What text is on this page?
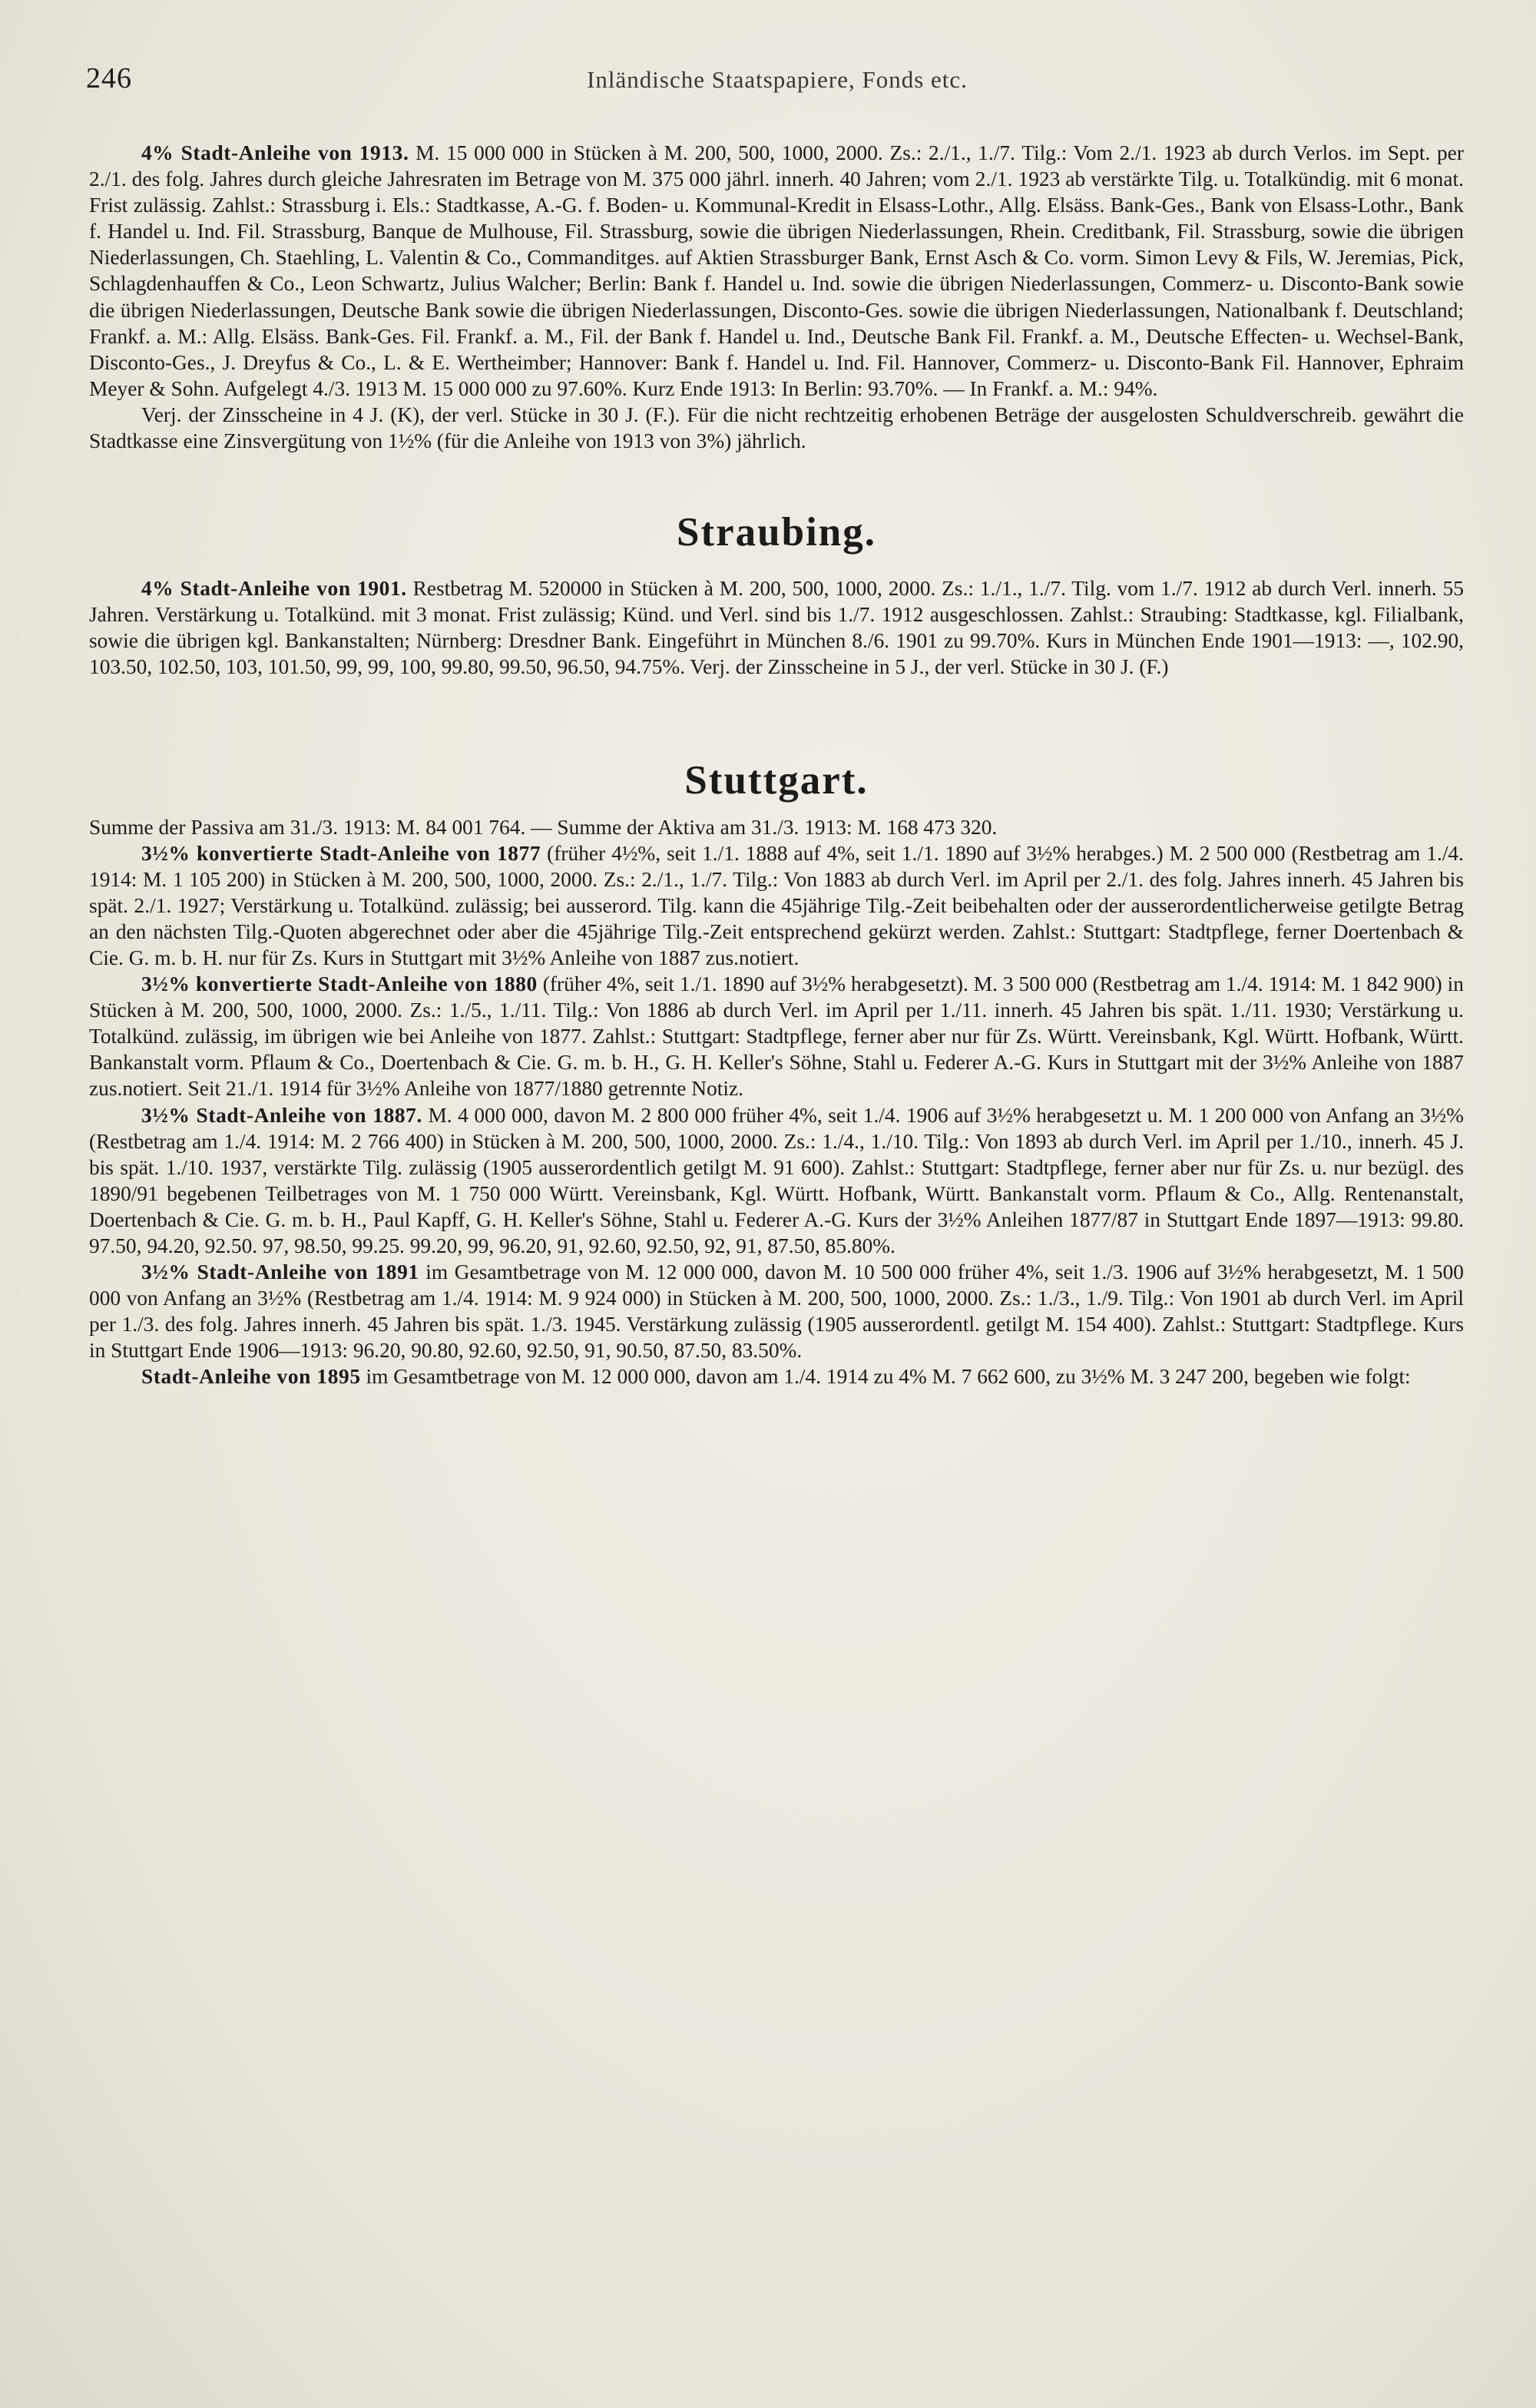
246	Inländische Staatspapiere, Fonds etc.

4% Stadt-Anleihe von 1913. M. 15 000 000 in Stücken à M. 200, 500, 1000, 2000. Zs.: 2./1., 1./7. Tilg.: Vom 2./1. 1923 ab durch Verlos. im Sept. per 2./1. des folg. Jahres durch gleiche Jahresraten im Betrage von M. 375 000 jährl. innerh. 40 Jahren; vom 2./1. 1923 ab verstärkte Tilg. u. Totalkündig. mit 6 monat. Frist zulässig. Zahlst.: Strassburg i. Els.: Stadtkasse, A.-G. f. Boden- u. Kommunal-Kredit in Elsass-Lothr., Allg. Elsäss. Bank-Ges., Bank von Elsass-Lothr., Bank f. Handel u. Ind. Fil. Strassburg, Banque de Mulhouse, Fil. Strassburg, sowie die übrigen Niederlassungen, Rhein. Creditbank, Fil. Strassburg, sowie die übrigen Niederlassungen, Ch. Staehling, L. Valentin & Co., Commanditges. auf Aktien Strassburger Bank, Ernst Asch & Co. vorm. Simon Levy & Fils, W. Jeremias, Pick, Schlagdenhauffen & Co., Leon Schwartz, Julius Walcher; Berlin: Bank f. Handel u. Ind. sowie die übrigen Niederlassungen, Commerz- u. Disconto-Bank sowie die übrigen Niederlassungen, Deutsche Bank sowie die übrigen Niederlassungen, Disconto-Ges. sowie die übrigen Niederlassungen, Nationalbank f. Deutschland; Frankf. a. M.: Allg. Elsäss. Bank-Ges. Fil. Frankf. a. M., Fil. der Bank f. Handel u. Ind., Deutsche Bank Fil. Frankf. a. M., Deutsche Effecten- u. Wechsel-Bank, Disconto-Ges., J. Dreyfus & Co., L. & E. Wertheimber; Hannover: Bank f. Handel u. Ind. Fil. Hannover, Commerz- u. Disconto-Bank Fil. Hannover, Ephraim Meyer & Sohn. Aufgelegt 4./3. 1913 M. 15 000 000 zu 97.60%. Kurz Ende 1913: In Berlin: 93.70%. — In Frankf. a. M.: 94%.

Verj. der Zinsscheine in 4 J. (K), der verl. Stücke in 30 J. (F.). Für die nicht rechtzeitig erhobenen Beträge der ausgelosten Schuldverschreib. gewährt die Stadtkasse eine Zinsvergütung von 1½% (für die Anleihe von 1913 von 3%) jährlich.

Straubing.

4% Stadt-Anleihe von 1901. Restbetrag M. 520000 in Stücken à M. 200, 500, 1000, 2000. Zs.: 1./1., 1./7. Tilg. vom 1./7. 1912 ab durch Verl. innerh. 55 Jahren. Verstärkung u. Totalkünd. mit 3 monat. Frist zulässig; Künd. und Verl. sind bis 1./7. 1912 ausgeschlossen. Zahlst.: Straubing: Stadtkasse, kgl. Filialbank, sowie die übrigen kgl. Bankanstalten; Nürnberg: Dresdner Bank. Eingeführt in München 8./6. 1901 zu 99.70%. Kurs in München Ende 1901—1913: —, 102.90, 103.50, 102.50, 103, 101.50, 99, 99, 100, 99.80, 99.50, 96.50, 94.75%. Verj. der Zinsscheine in 5 J., der verl. Stücke in 30 J. (F.)

Stuttgart.

Summe der Passiva am 31./3. 1913: M. 84 001 764. — Summe der Aktiva am 31./3. 1913: M. 168 473 320.

3½% konvertierte Stadt-Anleihe von 1877 (früher 4½%, seit 1./1. 1888 auf 4%, seit 1./1. 1890 auf 3½% herabges.) M. 2 500 000 (Restbetrag am 1./4. 1914: M. 1 105 200) in Stücken à M. 200, 500, 1000, 2000. Zs.: 2./1., 1./7. Tilg.: Von 1883 ab durch Verl. im April per 2./1. des folg. Jahres innerh. 45 Jahren bis spät. 2./1. 1927; Verstärkung u. Totalkünd. zulässig; bei ausserord. Tilg. kann die 45jährige Tilg.-Zeit beibehalten oder der ausserordentlicherweise getilgte Betrag an den nächsten Tilg.-Quoten abgerechnet oder aber die 45jährige Tilg.-Zeit entsprechend gekürzt werden. Zahlst.: Stuttgart: Stadtpflege, ferner Doertenbach & Cie. G. m. b. H. nur für Zs. Kurs in Stuttgart mit 3½% Anleihe von 1887 zus.notiert.

3½% konvertierte Stadt-Anleihe von 1880 (früher 4%, seit 1./1. 1890 auf 3½% herabgesetzt). M. 3 500 000 (Restbetrag am 1./4. 1914: M. 1 842 900) in Stücken à M. 200, 500, 1000, 2000. Zs.: 1./5., 1./11. Tilg.: Von 1886 ab durch Verl. im April per 1./11. innerh. 45 Jahren bis spät. 1./11. 1930; Verstärkung u. Totalkünd. zulässig, im übrigen wie bei Anleihe von 1877. Zahlst.: Stuttgart: Stadtpflege, ferner aber nur für Zs. Württ. Vereinsbank, Kgl. Württ. Hofbank, Württ. Bankanstalt vorm. Pflaum & Co., Doertenbach & Cie. G. m. b. H., G. H. Keller's Söhne, Stahl u. Federer A.-G. Kurs in Stuttgart mit der 3½% Anleihe von 1887 zus.notiert. Seit 21./1. 1914 für 3½% Anleihe von 1877/1880 getrennte Notiz.

3½% Stadt-Anleihe von 1887. M. 4 000 000, davon M. 2 800 000 früher 4%, seit 1./4. 1906 auf 3½% herabgesetzt u. M. 1 200 000 von Anfang an 3½% (Restbetrag am 1./4. 1914: M. 2 766 400) in Stücken à M. 200, 500, 1000, 2000. Zs.: 1./4., 1./10. Tilg.: Von 1893 ab durch Verl. im April per 1./10., innerh. 45 J. bis spät. 1./10. 1937, verstärkte Tilg. zulässig (1905 ausserordentlich getilgt M. 91 600). Zahlst.: Stuttgart: Stadtpflege, ferner aber nur für Zs. u. nur bezügl. des 1890/91 begebenen Teilbetrages von M. 1 750 000 Württ. Vereinsbank, Kgl. Württ. Hofbank, Württ. Bankanstalt vorm. Pflaum & Co., Allg. Rentenanstalt, Doertenbach & Cie. G. m. b. H., Paul Kapff, G. H. Keller's Söhne, Stahl u. Federer A.-G. Kurs der 3½% Anleihen 1877/87 in Stuttgart Ende 1897—1913: 99.80. 97.50, 94.20, 92.50. 97, 98.50, 99.25. 99.20, 99, 96.20, 91, 92.60, 92.50, 92, 91, 87.50, 85.80%.

3½% Stadt-Anleihe von 1891 im Gesamtbetrage von M. 12 000 000, davon M. 10 500 000 früher 4%, seit 1./3. 1906 auf 3½% herabgesetzt, M. 1 500 000 von Anfang an 3½% (Restbetrag am 1./4. 1914: M. 9 924 000) in Stücken à M. 200, 500, 1000, 2000. Zs.: 1./3., 1./9. Tilg.: Von 1901 ab durch Verl. im April per 1./3. des folg. Jahres innerh. 45 Jahren bis spät. 1./3. 1945. Verstärkung zulässig (1905 ausserordentl. getilgt M. 154 400). Zahlst.: Stuttgart: Stadtpflege. Kurs in Stuttgart Ende 1906—1913: 96.20, 90.80, 92.60, 92.50, 91, 90.50, 87.50, 83.50%.

Stadt-Anleihe von 1895 im Gesamtbetrage von M. 12 000 000, davon am 1./4. 1914 zu 4% M. 7 662 600, zu 3½% M. 3 247 200, begeben wie folgt:
